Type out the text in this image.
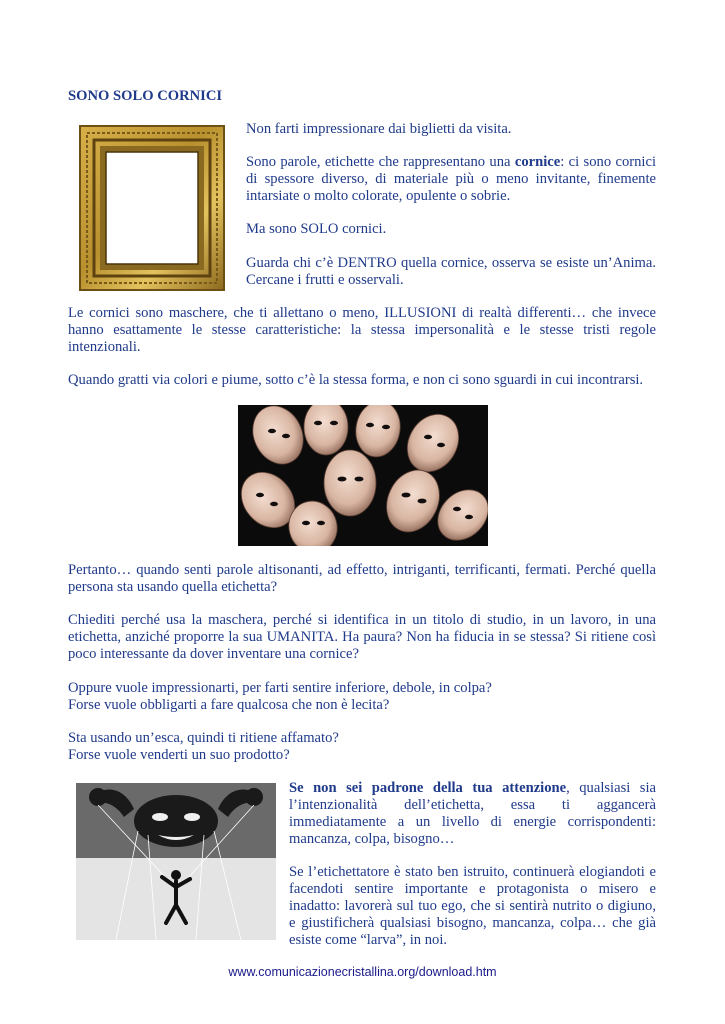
SONO SOLO CORNICI
Non farti impressionare dai biglietti da visita.

Sono parole, etichette che rappresentano una cornice: ci sono cornici di spessore diverso, di materiale più o meno invitante, finemente intarsiate o molto colorate, opulente o sobrie.

Ma sono SOLO cornici.

Guarda chi c’è DENTRO quella cornice, osserva se esiste un’Anima. Cercane i frutti e osservali.

Le cornici sono maschere, che ti allettano o meno, ILLUSIONI di realtà differenti… che invece hanno esattamente le stesse caratteristiche: la stessa impersonalità e le stesse tristi regole intenzionali.

Quando gratti via colori e piume, sotto c’è la stessa forma, e non ci sono sguardi in cui incontrarsi.

Pertanto… quando senti parole altisonanti, ad effetto, intriganti, terrificanti, fermati. Perché quella persona sta usando quella etichetta?

Chiediti perché usa la maschera, perché si identifica in un titolo di studio, in un lavoro, in una etichetta, anziché proporre la sua UMANITA. Ha paura? Non ha fiducia in se stessa? Si ritiene così poco interessante da dover inventare una cornice?

Oppure vuole impressionarti, per farti sentire inferiore, debole, in colpa?
Forse vuole obbligarti a fare qualcosa che non è lecita?
Sta usando un’esca, quindi ti ritiene affamato?
Forse vuole venderti un suo prodotto?

Se non sei padrone della tua attenzione, qualsiasi sia l’intenzionalità dell’etichetta, essa ti aggancerà immediatamente a un livello di energie corrispondenti: mancanza, colpa, bisogno…

Se l’etichettatore è stato ben istruito, continuerà elogiandoti e facendoti sentire importante e protagonista o misero e inadatto: lavorerà sul tuo ego, che si sentirà nutrito o digiuno, e giustificherà qualsiasi bisogno, mancanza, colpa… che già esiste come “larva”, in noi.

www.comunicazionecristallina.org/download.htm
